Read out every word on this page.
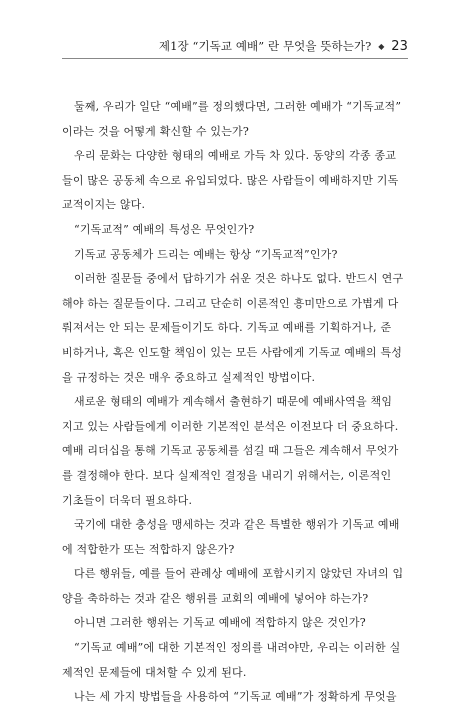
제1장 “기독교 예배” 란 무엇을 뜻하는가? ◆ 23
둘째, 우리가 일단 “예배”를 정의했다면, 그러한 예배가 “기독교적”
이라는 것을 어떻게 확신할 수 있는가?
우리 문화는 다양한 형태의 예배로 가득 차 있다. 동양의 각종 종교
들이 많은 공동체 속으로 유입되었다. 많은 사람들이 예배하지만 기독
교적이지는 않다.
“기독교적” 예배의 특성은 무엇인가?
기독교 공동체가 드리는 예배는 항상 “기독교적”인가?
이러한 질문들 중에서 답하기가 쉬운 것은 하나도 없다. 반드시 연구
해야 하는 질문들이다. 그리고 단순히 이론적인 흥미만으로 가볍게 다
뤄져서는 안 되는 문제들이기도 하다. 기독교 예배를 기획하거나, 준
비하거나, 혹은 인도할 책임이 있는 모든 사람에게 기독교 예배의 특성
을 규정하는 것은 매우 중요하고 실제적인 방법이다.
새로운 형태의 예배가 계속해서 출현하기 때문에 예배사역을 책임
지고 있는 사람들에게 이러한 기본적인 분석은 이전보다 더 중요하다.
예배 리더십을 통해 기독교 공동체를 섬길 때 그들은 계속해서 무엇가
를 결정해야 한다. 보다 실제적인 결정을 내리기 위해서는, 이론적인
기초들이 더욱더 필요하다.
국기에 대한 충성을 맹세하는 것과 같은 특별한 행위가 기독교 예배
에 적합한가 또는 적합하지 않은가?
다른 행위들, 예를 들어 관례상 예배에 포함시키지 않았던 자녀의 입
양을 축하하는 것과 같은 행위를 교회의 예배에 넣어야 하는가?
아니면 그러한 행위는 기독교 예배에 적합하지 않은 것인가?
“기독교 예배”에 대한 기본적인 정의를 내려야만, 우리는 이러한 실
제적인 문제들에 대처할 수 있게 된다.
나는 세 가지 방법들을 사용하여 “기독교 예배”가 정확하게 무엇을
